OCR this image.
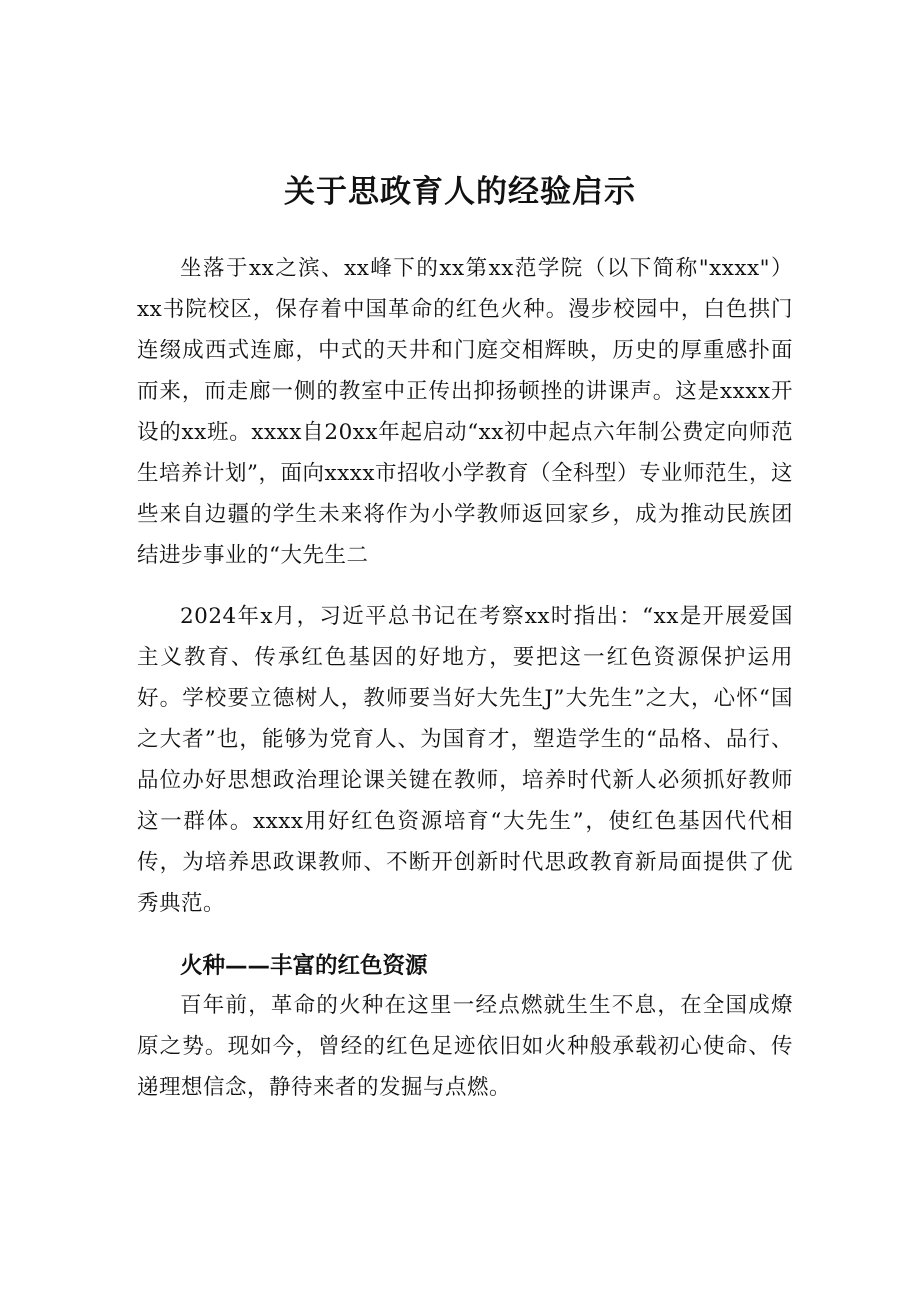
关于思政育人的经验启示

坐落于xx之滨、xx峰下的xx第xx范学院（以下简称"xxxx"）xx书院校区，保存着中国革命的红色火种。漫步校园中，白色拱门连缀成西式连廊，中式的天井和门庭交相辉映，历史的厚重感扑面而来，而走廊一侧的教室中正传出抑扬顿挫的讲课声。这是xxxx开设的xx班。xxxx自20xx年起启动“xx初中起点六年制公费定向师范生培养计划”，面向xxxx市招收小学教育（全科型）专业师范生，这些来自边疆的学生未来将作为小学教师返回家乡，成为推动民族团结进步事业的“大先生二

2024年x月，习近平总书记在考察xx时指出：“xx是开展爱国主义教育、传承红色基因的好地方，要把这一红色资源保护运用好。学校要立德树人，教师要当好大先生J”大先生”之大，心怀“国之大者”也，能够为党育人、为国育才，塑造学生的“品格、品行、品位办好思想政治理论课关键在教师，培养时代新人必须抓好教师这一群体。xxxx用好红色资源培育“大先生”，使红色基因代代相传，为培养思政课教师、不断开创新时代思政教育新局面提供了优秀典范。

火种——丰富的红色资源

百年前，革命的火种在这里一经点燃就生生不息，在全国成燎原之势。现如今，曾经的红色足迹依旧如火种般承载初心使命、传递理想信念，静待来者的发掘与点燃。
